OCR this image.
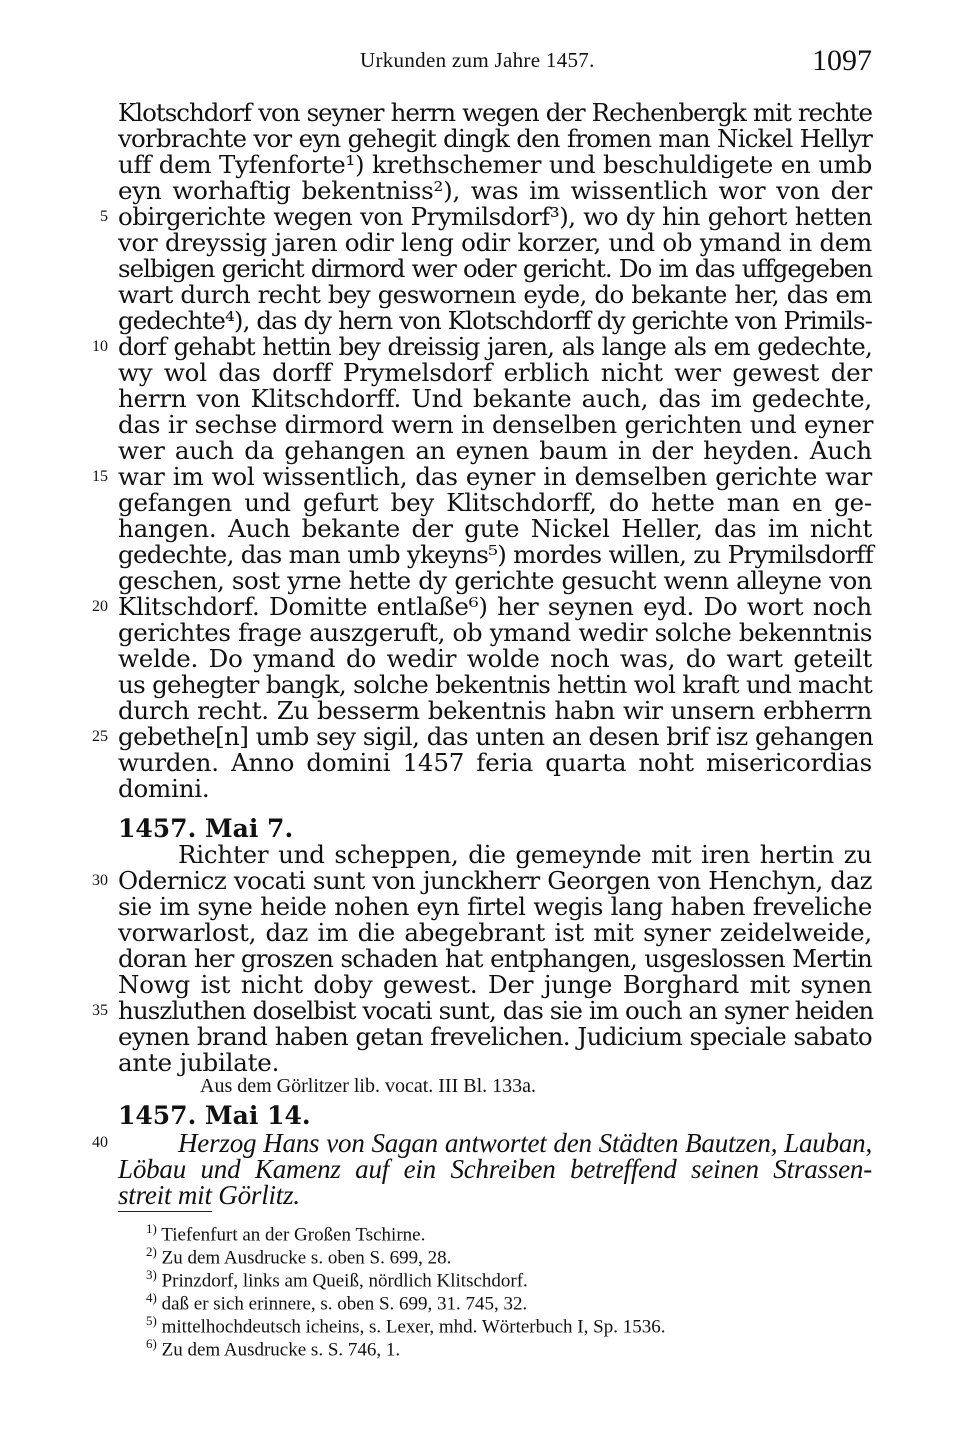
Urkunden zum Jahre 1457.	1097
Klotschdorf von seyner herrn wegen der Rechenbergk mit rechte
vorbrachte vor eyn gehegit dingk den fromen man Nickel Hellyr
uff dem Tyfenforte¹) krethschemer und beschuldigete en umb
eyn worhaftig bekentniss²), was im wissentlich wor von der
obirgerichte wegen von Prymilsdorf³), wo dy hin gehort hetten
vor dreyssig jaren odir leng odir korzer, und ob ymand in dem
selbigen gericht dirmord wer oder gericht. Do im das uffgegeben
wart durch recht bey gesworneın eyde, do bekante her, das em
gedechte⁴), das dy hern von Klotschdorff dy gerichte von Primils-
dorf gehabt hettin bey dreissig jaren, als lange als em gedechte,
wy wol das dorff Prymelsdorf erblich nicht wer gewest der
herrn von Klitschdorff. Und bekante auch, das im gedechte,
das ir sechse dirmord wern in denselben gerichten und eyner
wer auch da gehangen an eynen baum in der heyden. Auch
war im wol wissentlich, das eyner in demselben gerichte war
gefangen und gefurt bey Klitschdorff, do hette man en ge-
hangen. Auch bekante der gute Nickel Heller, das im nicht
gedechte, das man umb ykeyns⁵) mordes willen, zu Prymilsdorff
geschen, sost yrne hette dy gerichte gesucht wenn alleyne von
Klitschdorf. Domitte entlaße⁶) her seynen eyd. Do wort noch
gerichtes frage auszgeruft, ob ymand wedir solche bekenntnis
welde. Do ymand do wedir wolde noch was, do wart geteilt
us gehegter bangk, solche bekentnis hettin wol kraft und macht
durch recht. Zu besserm bekentnis habn wir unsern erbherrn
gebethe[n] umb sey sigil, das unten an desen brif isz gehangen
wurden. Anno domini 1457 feria quarta noht misericordias
domini.
1457. Mai 7.
Richter und scheppen, die gemeynde mit iren hertin zu
Odernicz vocati sunt von junckherr Georgen von Henchyn, daz
sie im syne heide nohen eyn firtel wegis lang haben freveliche
vorwarlost, daz im die abegebrant ist mit syner zeidelweide,
doran her groszen schaden hat entphangen, usgeslossen Mertin
Nowg ist nicht doby gewest. Der junge Borghard mit synen
huszluthen doselbist vocati sunt, das sie im ouch an syner heiden
eynen brand haben getan frevelichen. Judicium speciale sabato
ante jubilate.
Aus dem Görlitzer lib. vocat. III Bl. 133a.
1457. Mai 14.
Herzog Hans von Sagan antwortet den Städten Bautzen, Lauban,
Löbau und Kamenz auf ein Schreiben betreffend seinen Strassen-
streit mit Görlitz.
5
10
15
20
25
30
35
40
$^{1)}$ Tiefenfurt an der Großen Tschirne.
$^{2)}$ Zu dem Ausdrucke s. oben S. 699, 28.
$^{3)}$ Prinzdorf, links am Queiß, nördlich Klitschdorf.
$^{4)}$ daß er sich erinnere, s. oben S. 699, 31. 745, 32.
$^{5)}$ mittelhochdeutsch icheins, s. Lexer, mhd. Wörterbuch I, Sp. 1536.
$^{6)}$ Zu dem Ausdrucke s. S. 746, 1.
